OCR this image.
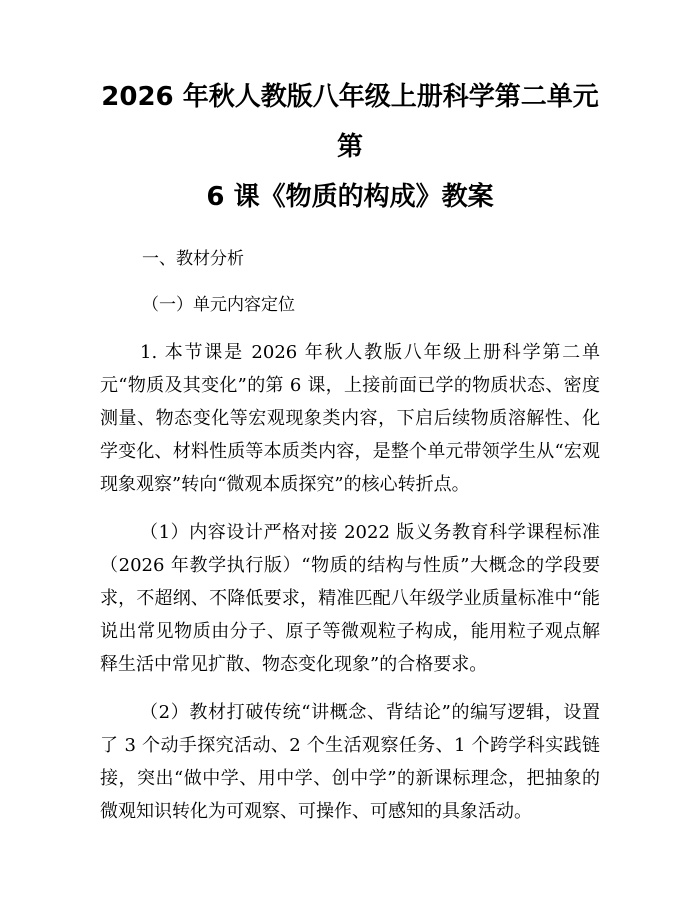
2026 年秋人教版八年级上册科学第二单元第
6 课《物质的构成》教案

一、教材分析

（一）单元内容定位

1. 本节课是 2026 年秋人教版八年级上册科学第二单元“物质及其变化”的第 6 课，上接前面已学的物质状态、密度测量、物态变化等宏观现象类内容，下启后续物质溶解性、化学变化、材料性质等本质类内容，是整个单元带领学生从“宏观现象观察”转向“微观本质探究”的核心转折点。

（1）内容设计严格对接 2022 版义务教育科学课程标准（2026 年教学执行版）“物质的结构与性质”大概念的学段要求，不超纲、不降低要求，精准匹配八年级学业质量标准中“能说出常见物质由分子、原子等微观粒子构成，能用粒子观点解释生活中常见扩散、物态变化现象”的合格要求。

（2）教材打破传统“讲概念、背结论”的编写逻辑，设置了 3 个动手探究活动、2 个生活观察任务、1 个跨学科实践链接，突出“做中学、用中学、创中学”的新课标理念，把抽象的微观知识转化为可观察、可操作、可感知的具象活动。
